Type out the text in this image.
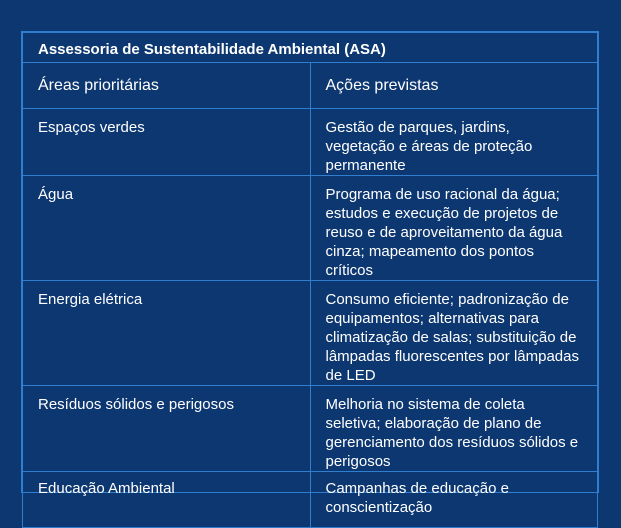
Assessoria de Sustentabilidade Ambiental (ASA)	
Áreas prioritárias	Ações previstas
Espaços verdes	Gestão de parques, jardins, vegetação e áreas de proteção permanente
Água	Programa de uso racional da água; estudos e execução de projetos de reuso e de aproveitamento da água cinza; mapeamento dos pontos críticos
Energia elétrica	Consumo eficiente; padronização de equipamentos; alternativas para climatização de salas; substituição de lâmpadas fluorescentes por lâmpadas de LED
Resíduos sólidos e perigosos	Melhoria no sistema de coleta seletiva; elaboração de plano de gerenciamento dos resíduos sólidos e perigosos
Educação Ambiental	Campanhas de educação e conscientização
